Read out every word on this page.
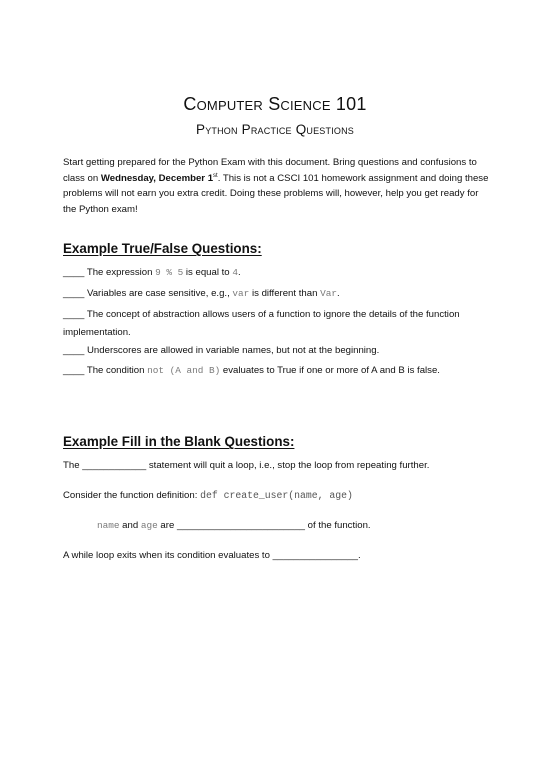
Computer Science 101
Python Practice Questions
Start getting prepared for the Python Exam with this document. Bring questions and confusions to class on Wednesday, December 1st. This is not a CSCI 101 homework assignment and doing these problems will not earn you extra credit. Doing these problems will, however, help you get ready for the Python exam!
Example True/False Questions:
____ The expression 9 % 5 is equal to 4.
____ Variables are case sensitive, e.g., var is different than Var.
____ The concept of abstraction allows users of a function to ignore the details of the function implementation.
____ Underscores are allowed in variable names, but not at the beginning.
____ The condition not (A and B) evaluates to True if one or more of A and B is false.
Example Fill in the Blank Questions:
The ____________ statement will quit a loop, i.e., stop the loop from repeating further.
Consider the function definition: def create_user(name, age)
name and age are ________________________ of the function.
A while loop exits when its condition evaluates to ________________.
